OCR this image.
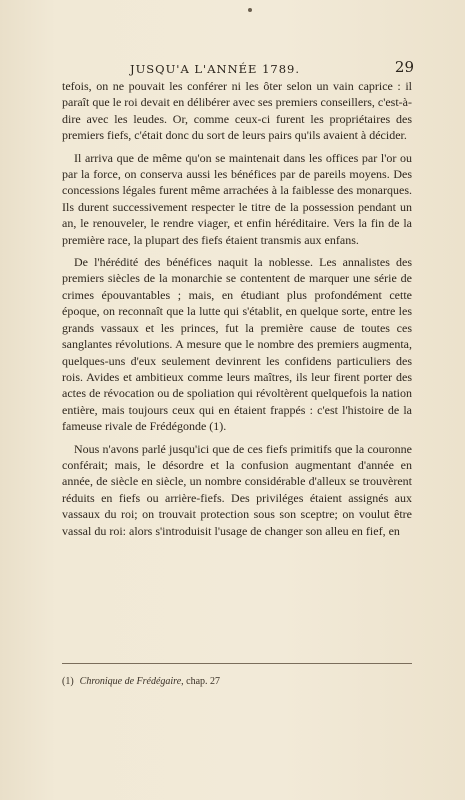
JUSQU'A L'ANNÉE 1789.	29

tefois, on ne pouvait les conférer ni les ôter selon un vain caprice : il paraît que le roi devait en délibérer avec ses premiers conseillers, c'est-à-dire avec les leudes. Or, comme ceux-ci furent les propriétaires des premiers fiefs, c'était donc du sort de leurs pairs qu'ils avaient à décider.

Il arriva que de même qu'on se maintenait dans les offices par l'or ou par la force, on conserva aussi les bénéfices par de pareils moyens. Des concessions légales furent même arrachées à la faiblesse des monarques. Ils durent successivement respecter le titre de la possession pendant un an, le renouveler, le rendre viager, et enfin héréditaire. Vers la fin de la première race, la plupart des fiefs étaient transmis aux enfans.

De l'hérédité des bénéfices naquit la noblesse. Les annalistes des premiers siècles de la monarchie se contentent de marquer une série de crimes épouvantables ; mais, en étudiant plus profondément cette époque, on reconnaît que la lutte qui s'établit, en quelque sorte, entre les grands vassaux et les princes, fut la première cause de toutes ces sanglantes révolutions. A mesure que le nombre des premiers augmenta, quelques-uns d'eux seulement devinrent les confidens particuliers des rois. Avides et ambitieux comme leurs maîtres, ils leur firent porter des actes de révocation ou de spoliation qui révoltèrent quelquefois la nation entière, mais toujours ceux qui en étaient frappés : c'est l'histoire de la fameuse rivale de Frédégonde (1).

Nous n'avons parlé jusqu'ici que de ces fiefs primitifs que la couronne conférait; mais, le désordre et la confusion augmentant d'année en année, de siècle en siècle, un nombre considérable d'alleux se trouvèrent réduits en fiefs ou arrière-fiefs. Des priviléges étaient assignés aux vassaux du roi; on trouvait protection sous son sceptre; on voulut être vassal du roi: alors s'introduisit l'usage de changer son alleu en fief, en

(1) Chronique de Frédégaire, chap. 27
